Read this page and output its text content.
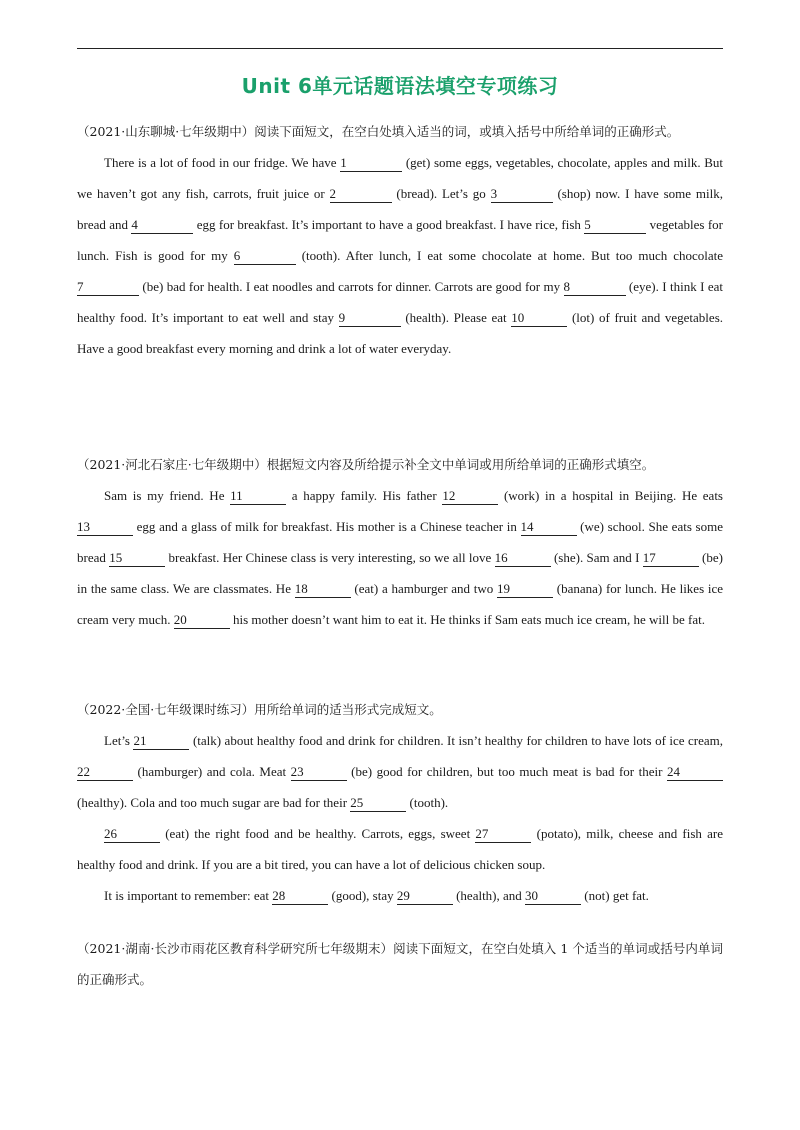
Unit 6单元话题语法填空专项练习

（2021·山东聊城·七年级期中）阅读下面短文，在空白处填入适当的词，或填入括号中所给单词的正确形式。

There is a lot of food in our fridge. We have 1	(get) some eggs, vegetables, chocolate, apples and milk. But we haven’t got any fish, carrots, fruit juice or 2	(bread). Let’s go 3	(shop) now. I have some milk, bread and 4	egg for breakfast. It’s important to have a good breakfast. I have rice, fish 5	vegetables for lunch. Fish is good for my 6	(tooth). After lunch, I eat some chocolate at home. But too much chocolate 7	(be) bad for health. I eat noodles and carrots for dinner. Carrots are good for my 8	(eye). I think I eat healthy food. It’s important to eat well and stay 9	(health). Please eat 10	(lot) of fruit and vegetables. Have a good breakfast every morning and drink a lot of water everyday.

（2021·河北石家庄·七年级期中）根据短文内容及所给提示补全文中单词或用所给单词的正确形式填空。

Sam is my friend. He 11	a happy family. His father 12	(work) in a hospital in Beijing. He eats 13	egg and a glass of milk for breakfast. His mother is a Chinese teacher in 14	(we) school. She eats some bread 15	breakfast. Her Chinese class is very interesting, so we all love 16	(she). Sam and I 17	(be) in the same class. We are classmates. He 18	(eat) a hamburger and two 19	(banana) for lunch. He likes ice cream very much. 20	his mother doesn’t want him to eat it. He thinks if Sam eats much ice cream, he will be fat.

（2022·全国·七年级课时练习）用所给单词的适当形式完成短文。

Let’s 21	(talk) about healthy food and drink for children. It isn’t healthy for children to have lots of ice cream, 22	(hamburger) and cola. Meat 23	(be) good for children, but too much meat is bad for their 24 (healthy). Cola and too much sugar are bad for their 25	(tooth).

26	(eat) the right food and be healthy. Carrots, eggs, sweet 27	(potato), milk, cheese and fish are healthy food and drink. If you are a bit tired, you can have a lot of delicious chicken soup.

It is important to remember: eat 28	(good), stay 29	(health), and 30	(not) get fat.

（2021·湖南·长沙市雨花区教育科学研究所七年级期末）阅读下面短文，在空白处填入 1 个适当的单词或括号内单词的正确形式。
